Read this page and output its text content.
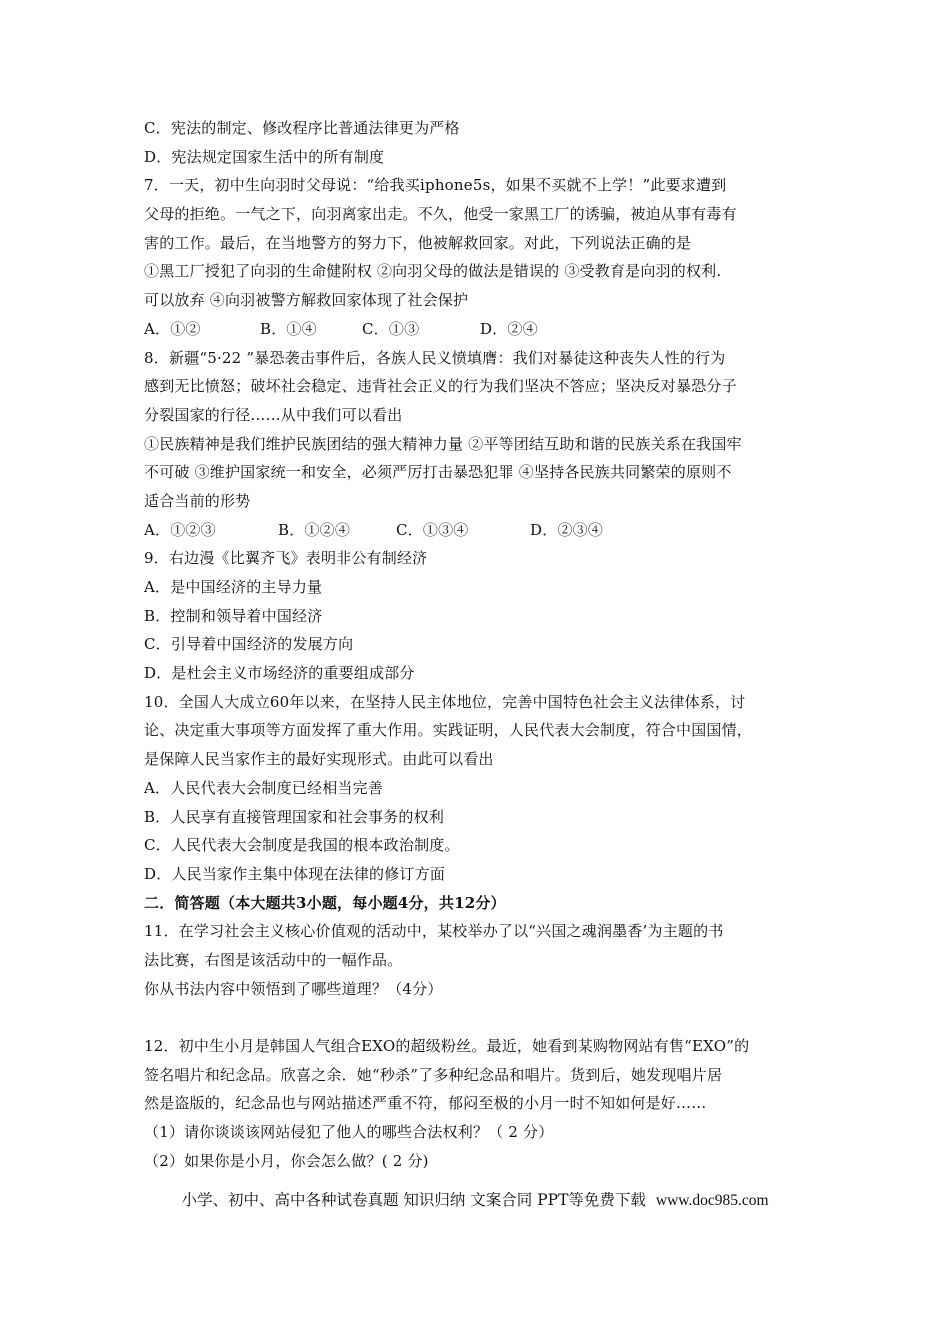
C．宪法的制定、修改程序比普通法律更为严格
D．宪法规定国家生活中的所有制度
7．一天，初中生向羽时父母说：“给我买iphone5s，如果不买就不上学！”此要求遭到
父母的拒绝。一气之下，向羽离家出走。不久，他受一家黑工厂的诱骗，被迫从事有毒有
害的工作。最后，在当地警方的努力下，他被解救回家。对此，下列说法正确的是
①黑工厂授犯了向羽的生命健附权 ②向羽父母的做法是错误的 ③受教育是向羽的权利.
可以放弃 ④向羽被警方解救回家体现了社会保护
A．①②	B．①④	C．①③	D．②④
8．新疆“5·22 ”暴恐袭击事件后，各族人民义愤填膺：我们对暴徒这种丧失人性的行为
感到无比愤怒；破坏社会稳定、违背社会正义的行为我们坚决不答应；坚决反对暴恐分子
分裂国家的行径……从中我们可以看出
①民族精神是我们维护民族团结的强大精神力量 ②平等团结互助和谐的民族关系在我国牢
不可破 ③维护国家统一和安全，必须严厉打击暴恐犯罪 ④坚持各民族共同繁荣的原则不
适合当前的形势
A．①②③	B．①②④	C．①③④	D．②③④
9．右边漫《比翼齐飞》表明非公有制经济
A．是中国经济的主导力量
B．控制和领导着中国经济
C．引导着中国经济的发展方向
D．是杜会主义市场经济的重要组成部分
10．全国人大成立60年以来，在坚持人民主体地位，完善中国特色社会主义法律体系，讨
论、决定重大事项等方面发挥了重大作用。实践证明，人民代表大会制度，符合中国国情，
是保障人民当家作主的最好实现形式。由此可以看出
A．人民代表大会制度已经相当完善
B．人民享有直接管理国家和社会事务的权利
C．人民代表大会制度是我国的根本政治制度。
D．人民当家作主集中体现在法律的修订方面
二．简答题（本大题共3小题，每小题4分，共12分）
11．在学习社会主义核心价值观的活动中，某校举办了以“兴国之魂润墨香’为主题的书
法比赛，右图是该活动中的一幅作品。
你从书法内容中领悟到了哪些道理？（4分）
12．初中生小月是韩国人气组合EXO的超级粉丝。最近，她看到某购物网站有售“EXO”的
签名唱片和纪念品。欣喜之余．她“秒杀”了多种纪念品和唱片。货到后，她发现唱片居
然是盗版的，纪念品也与网站描述严重不符，郁闷至极的小月一时不知如何是好……
（1）请你谈谈该网站侵犯了他人的哪些合法权利？（ 2 分）
（2）如果你是小月，你会怎么做？( 2 分)
小学、初中、高中各种试卷真题 知识归纳 文案合同 PPT等免费下载 www.doc985.com
